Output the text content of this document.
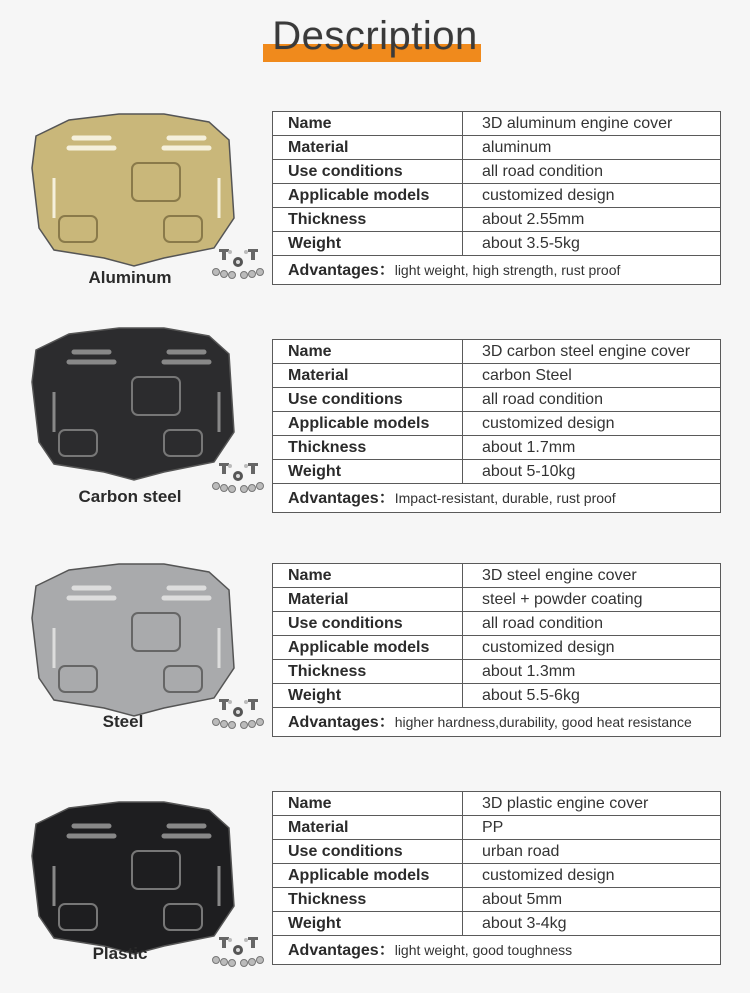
Description
Aluminum
Name	3D aluminum engine cover
Material	aluminum
Use conditions	all road condition
Applicable models	customized design
Thickness	about 2.55mm
Weight	about 3.5-5kg
Advantages：light weight, high strength, rust proof	
Carbon steel
Name	3D carbon steel engine cover
Material	carbon Steel
Use conditions	all road condition
Applicable models	customized design
Thickness	about 1.7mm
Weight	about 5-10kg
Advantages：Impact-resistant, durable, rust proof	
Steel
Name	3D steel engine cover
Material	steel + powder coating
Use conditions	all road condition
Applicable models	customized design
Thickness	about 1.3mm
Weight	about 5.5-6kg
Advantages：higher hardness,durability, good heat resistance	
Plastic
Name	3D plastic engine cover
Material	PP
Use conditions	urban road
Applicable models	customized design
Thickness	about 5mm
Weight	about 3-4kg
Advantages：light weight, good toughness	
